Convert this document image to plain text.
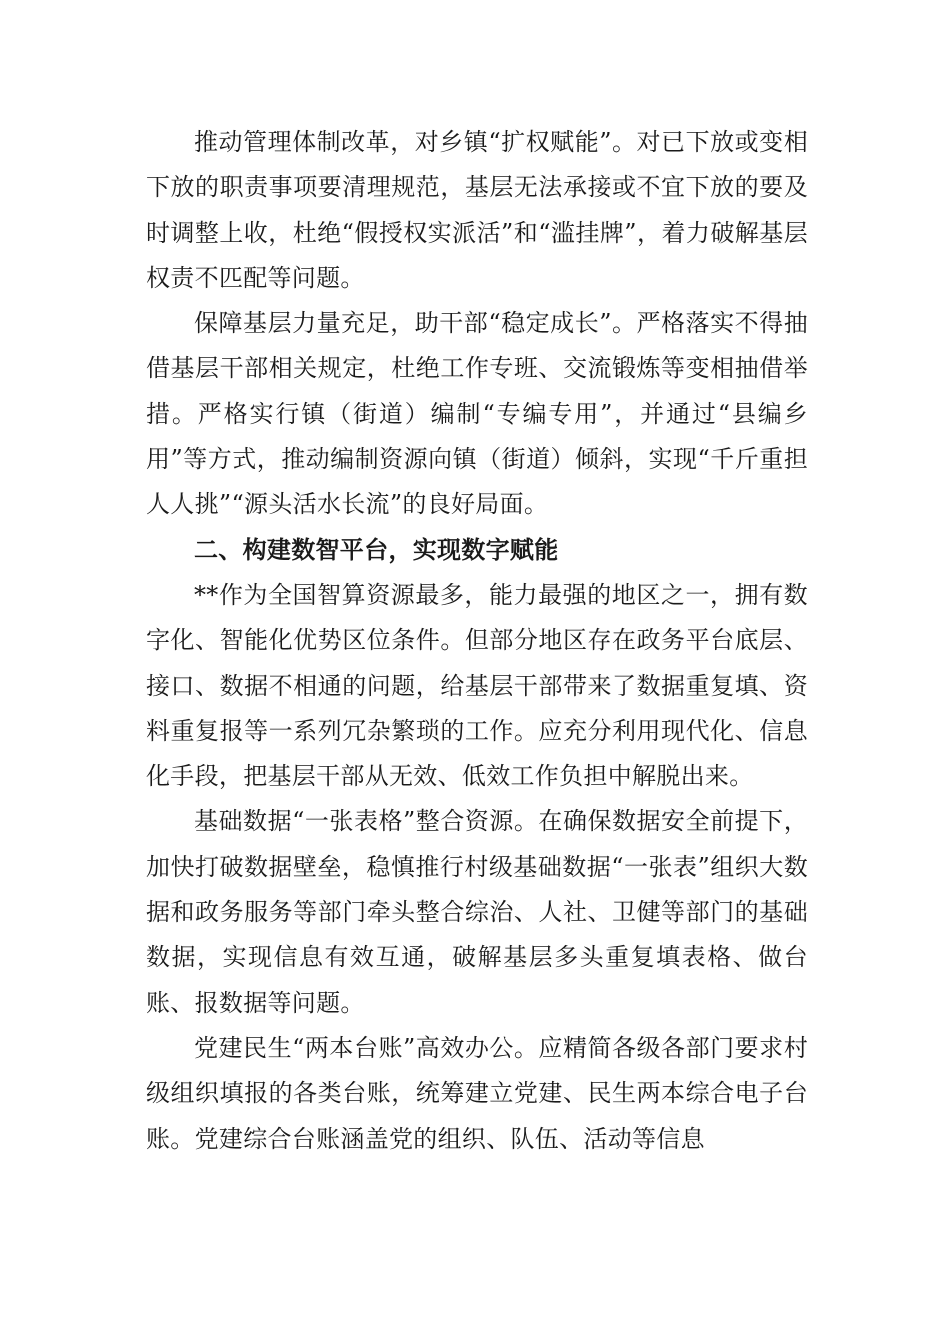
推动管理体制改革，对乡镇“扩权赋能”。对已下放或变相下放的职责事项要清理规范，基层无法承接或不宜下放的要及时调整上收，杜绝“假授权实派活”和“滥挂牌”，着力破解基层权责不匹配等问题。

保障基层力量充足，助干部“稳定成长”。严格落实不得抽借基层干部相关规定，杜绝工作专班、交流锻炼等变相抽借举措。严格实行镇（街道）编制“专编专用”，并通过“县编乡用”等方式，推动编制资源向镇（街道）倾斜，实现“千斤重担人人挑”“源头活水长流”的良好局面。

二、构建数智平台，实现数字赋能

**作为全国智算资源最多，能力最强的地区之一，拥有数字化、智能化优势区位条件。但部分地区存在政务平台底层、接口、数据不相通的问题，给基层干部带来了数据重复填、资料重复报等一系列冗杂繁琐的工作。应充分利用现代化、信息化手段，把基层干部从无效、低效工作负担中解脱出来。

基础数据“一张表格”整合资源。在确保数据安全前提下，加快打破数据壁垒，稳慎推行村级基础数据“一张表”组织大数据和政务服务等部门牵头整合综治、人社、卫健等部门的基础数据，实现信息有效互通，破解基层多头重复填表格、做台账、报数据等问题。

党建民生“两本台账”高效办公。应精简各级各部门要求村级组织填报的各类台账，统筹建立党建、民生两本综合电子台账。党建综合台账涵盖党的组织、队伍、活动等信息
